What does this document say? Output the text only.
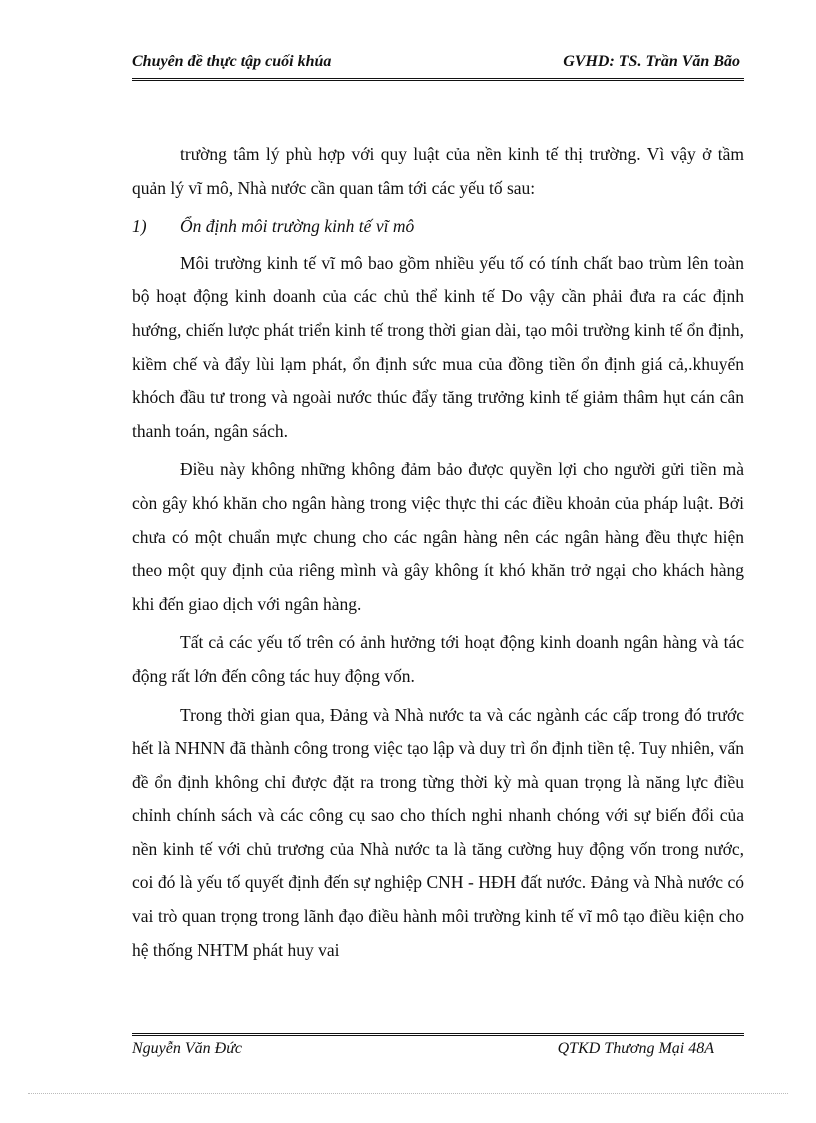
Chuyên đề thực tập cuối khúa	GVHD: TS. Trần Văn Bão

trường tâm lý phù hợp với quy luật của nền kinh tế thị trường. Vì vậy ở tầm quản lý vĩ mô, Nhà nước cần quan tâm tới các yếu tố sau:

1)	Ổn định môi trường kinh tế vĩ mô

Môi trường kinh tế vĩ mô bao gồm nhiều yếu tố có tính chất bao trùm lên toàn bộ hoạt động kinh doanh của các chủ thể kinh tế Do vậy cần phải đưa ra các định hướng, chiến lược phát triển kinh tế trong thời gian dài, tạo môi trường kinh tế ổn định, kiềm chế và đẩy lùi lạm phát, ổn định sức mua của đồng tiền ổn định giá cả,.khuyến khóch đầu tư trong và ngoài nước thúc đẩy tăng trưởng kinh tế giảm thâm hụt cán cân thanh toán, ngân sách.

Điều này không những không đảm bảo được quyền lợi cho người gửi tiền mà còn gây khó khăn cho ngân hàng trong việc thực thi các điều khoản của pháp luật. Bởi chưa có một chuẩn mực chung cho các ngân hàng nên các ngân hàng đều thực hiện theo một quy định của riêng mình và gây không ít khó khăn trở ngại cho khách hàng khi đến giao dịch với ngân hàng.

Tất cả các yếu tố trên có ảnh hưởng tới hoạt động kinh doanh ngân hàng và tác động rất lớn đến công tác huy động vốn.

Trong thời gian qua, Đảng và Nhà nước ta và các ngành các cấp trong đó trước hết là NHNN đã thành công trong việc tạo lập và duy trì ổn định tiền tệ. Tuy nhiên, vấn đề ổn định không chỉ được đặt ra trong từng thời kỳ mà quan trọng là năng lực điều chỉnh chính sách và các công cụ sao cho thích nghi nhanh chóng với sự biến đổi của nền kinh tế với chủ trương của Nhà nước ta là tăng cường huy động vốn trong nước, coi đó là yếu tố quyết định đến sự nghiệp CNH - HĐH đất nước. Đảng và Nhà nước có vai trò quan trọng trong lãnh đạo điều hành môi trường kinh tế vĩ mô tạo điều kiện cho hệ thống NHTM phát huy vai

Nguyễn Văn Đức	QTKD Thương Mại 48A
